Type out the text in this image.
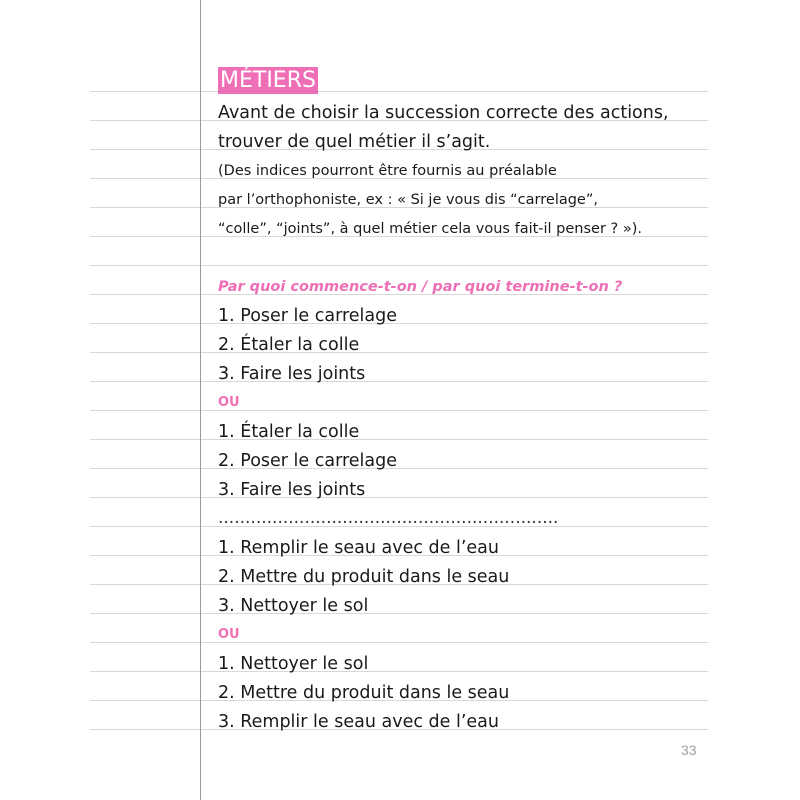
MÉTIERS
Avant de choisir la succession correcte des actions,
trouver de quel métier il s’agit.
(Des indices pourront être fournis au préalable
par l’orthophoniste, ex : « Si je vous dis “carrelage”,
“colle”, “joints”, à quel métier cela vous fait-il penser ? »).
Par quoi commence-t-on / par quoi termine-t-on ?
1. Poser le carrelage
2. Étaler la colle
3. Faire les joints
OU
1. Étaler la colle
2. Poser le carrelage
3. Faire les joints
...............................................................
1. Remplir le seau avec de l’eau
2. Mettre du produit dans le seau
3. Nettoyer le sol
OU
1. Nettoyer le sol
2. Mettre du produit dans le seau
3. Remplir le seau avec de l’eau
33
